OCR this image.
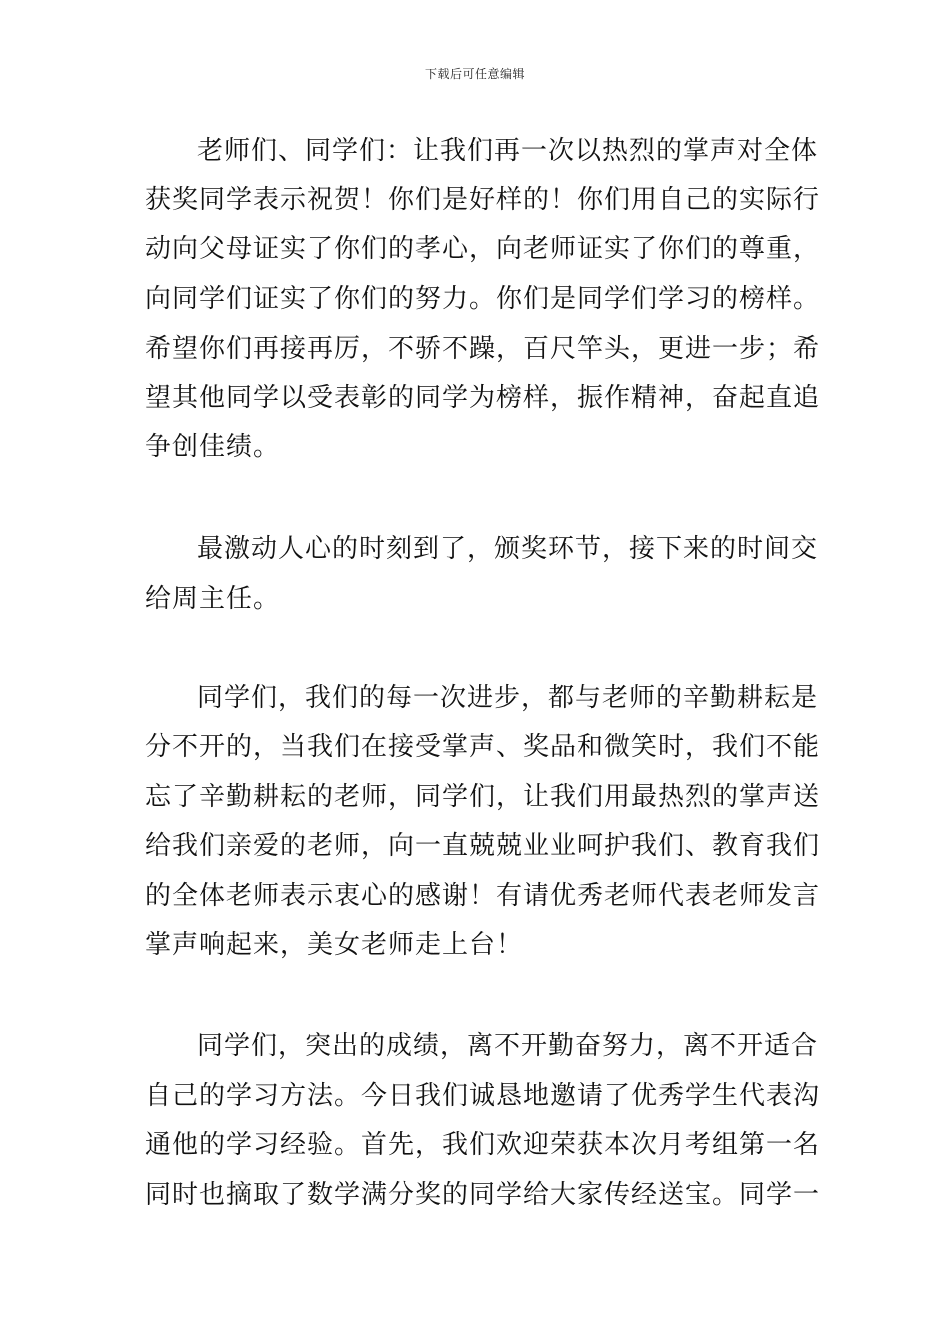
下载后可任意编辑
老师们、同学们：让我们再一次以热烈的掌声对全体
获奖同学表示祝贺！你们是好样的！你们用自己的实际行
动向父母证实了你们的孝心，向老师证实了你们的尊重，
向同学们证实了你们的努力。你们是同学们学习的榜样。
希望你们再接再厉，不骄不躁，百尺竿头，更进一步；希
望其他同学以受表彰的同学为榜样，振作精神，奋起直追
争创佳绩。
最激动人心的时刻到了，颁奖环节，接下来的时间交
给周主任。
同学们，我们的每一次进步，都与老师的辛勤耕耘是
分不开的，当我们在接受掌声、奖品和微笑时，我们不能
忘了辛勤耕耘的老师，同学们，让我们用最热烈的掌声送
给我们亲爱的老师，向一直兢兢业业呵护我们、教育我们
的全体老师表示衷心的感谢！有请优秀老师代表老师发言
掌声响起来，美女老师走上台！
同学们，突出的成绩，离不开勤奋努力，离不开适合
自己的学习方法。今日我们诚恳地邀请了优秀学生代表沟
通他的学习经验。首先，我们欢迎荣获本次月考组第一名
同时也摘取了数学满分奖的同学给大家传经送宝。同学一
